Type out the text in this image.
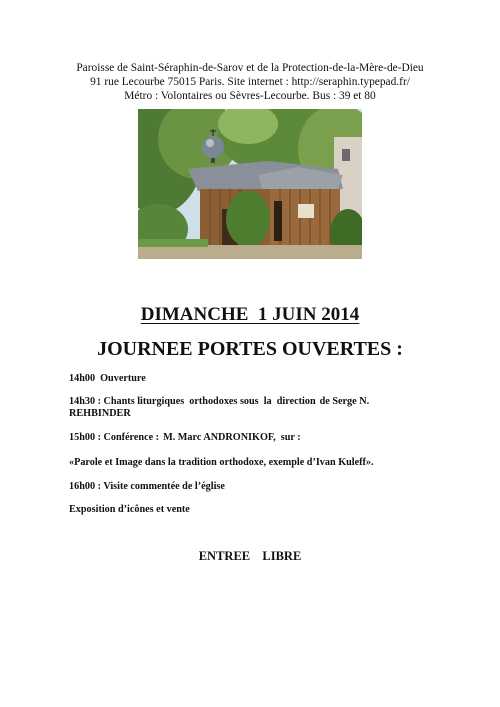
Paroisse de Saint-Séraphin-de-Sarov et de la Protection-de-la-Mère-de-Dieu
91 rue Lecourbe 75015 Paris. Site internet : http://seraphin.typepad.fr/
Métro : Volontaires ou Sèvres-Lecourbe. Bus : 39 et 80
DIMANCHE  1 JUIN 2014
JOURNEE PORTES OUVERTES :
14h00  Ouverture
14h30 : Chants liturgiques  orthodoxes sous  la  direction de Serge N.
REHBINDER
15h00 : Conférence : M. Marc ANDRONIKOF,  sur :
«Parole et Image dans la tradition orthodoxe, exemple d’Ivan Kuleff».
16h00 : Visite commentée de l’église
Exposition d’icônes et vente
ENTREE  LIBRE
